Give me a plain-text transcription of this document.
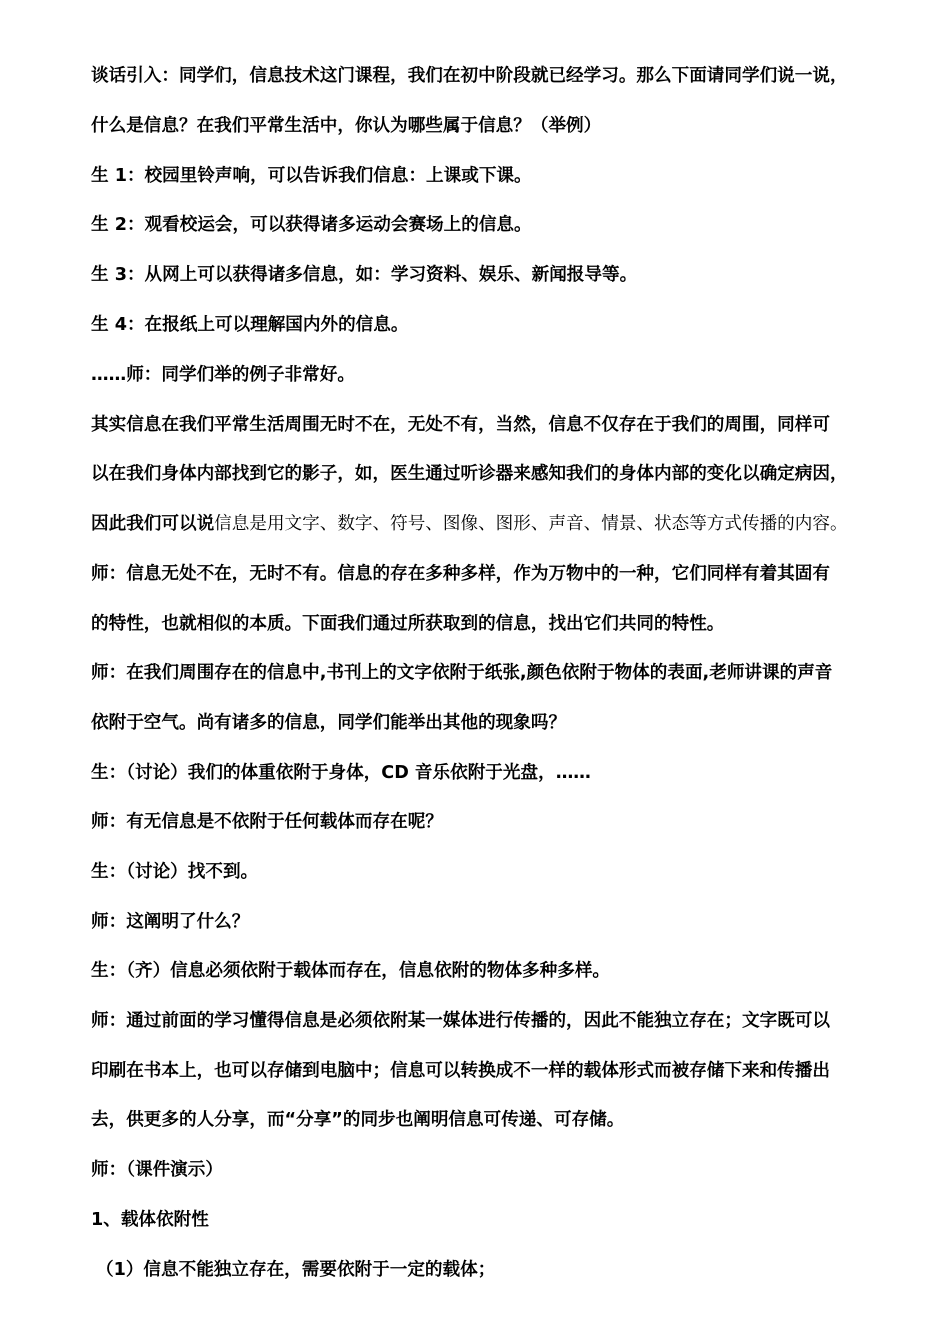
谈话引入：同学们，信息技术这门课程，我们在初中阶段就已经学习。那么下面请同学们说一说，
什么是信息？在我们平常生活中，你认为哪些属于信息？（举例）
生 1：校园里铃声响，可以告诉我们信息：上课或下课。
生 2：观看校运会，可以获得诸多运动会赛场上的信息。
生 3：从网上可以获得诸多信息，如：学习资料、娱乐、新闻报导等。
生 4：在报纸上可以理解国内外的信息。
……师：同学们举的例子非常好。
其实信息在我们平常生活周围无时不在，无处不有，当然，信息不仅存在于我们的周围，同样可
以在我们身体内部找到它的影子，如，医生通过听诊器来感知我们的身体内部的变化以确定病因，
因此我们可以说信息是用文字、数字、符号、图像、图形、声音、情景、状态等方式传播的内容。
师：信息无处不在，无时不有。信息的存在多种多样，作为万物中的一种，它们同样有着其固有
的特性，也就相似的本质。下面我们通过所获取到的信息，找出它们共同的特性。
师：在我们周围存在的信息中,书刊上的文字依附于纸张,颜色依附于物体的表面,老师讲课的声音
依附于空气。尚有诸多的信息，同学们能举出其他的现象吗？
生：（讨论）我们的体重依附于身体，CD 音乐依附于光盘，……
师：有无信息是不依附于任何载体而存在呢？
生：（讨论）找不到。
师：这阐明了什么？
生：（齐）信息必须依附于载体而存在，信息依附的物体多种多样。
师：通过前面的学习懂得信息是必须依附某一媒体进行传播的，因此不能独立存在；文字既可以
印刷在书本上，也可以存储到电脑中；信息可以转换成不一样的载体形式而被存储下来和传播出
去，供更多的人分享，而“分享”的同步也阐明信息可传递、可存储。
师：（课件演示）
1、载体依附性
（1）信息不能独立存在，需要依附于一定的载体；
